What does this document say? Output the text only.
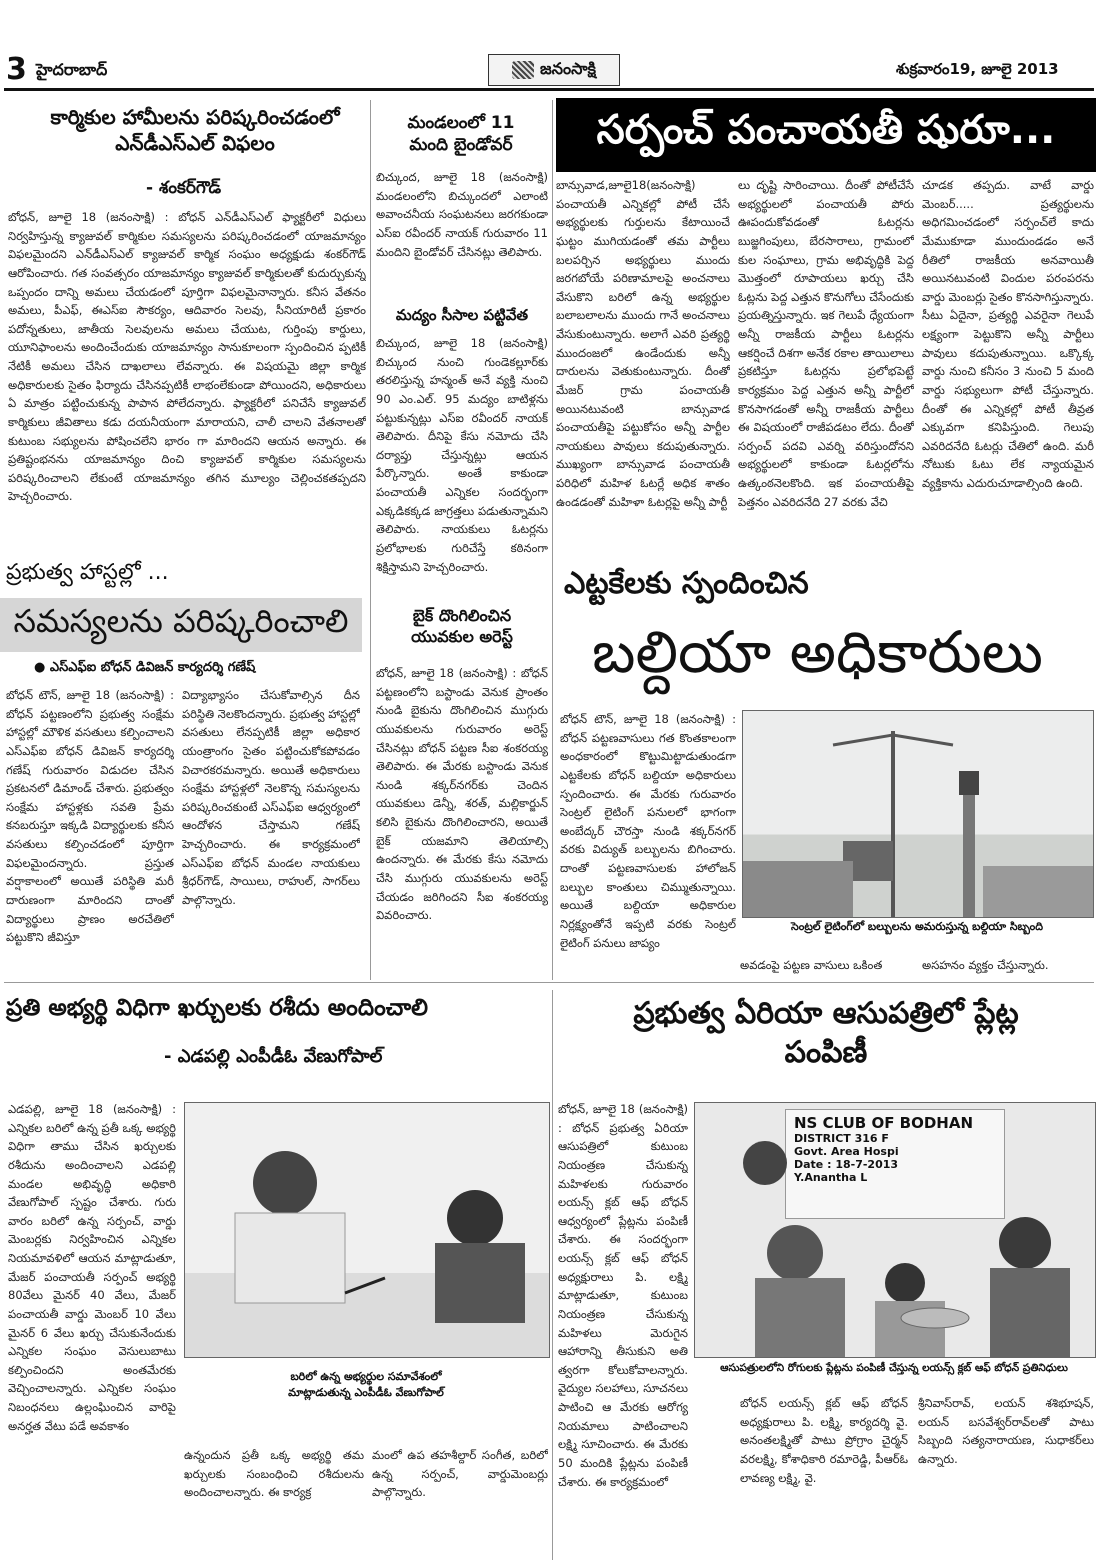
3 హైదరాబాద్	జనంసాక్షి	శుక్రవారం19, జూలై 2013
కార్మికుల హామీలను పరిష్కరించడంలో
ఎన్‌డీఎస్‌ఎల్‌ విఫలం
- శంకర్‌గౌడ్‌
బోధన్‌, జూలై 18 (జనంసాక్షి) : బోధన్‌ ఎన్‌డీఎస్‌ఎల్‌ ఫ్యాక్టరీలో విధులు నిర్వహిస్తున్న క్యాజువల్‌ కార్మికుల సమస్యలను పరిష్కరించడంలో యాజమాన్యం విఫలమైందని ఎన్‌డీఎస్‌ఎల్‌ క్యాజువల్‌ కార్మిక సంఘం అధ్యక్షుడు శంకర్‌గౌడ్‌ ఆరోపించారు. గత సంవత్సరం యాజమాన్యం క్యాజువల్‌ కార్మికులతో కుదుర్చుకున్న ఒప్పందం దాన్ని అమలు చేయడంలో పూర్తిగా విఫలమైనాన్నారు. కనీస వేతనం అమలు, పీఎఫ్‌, ఈఎస్‌ఐ సౌకర్యం, ఆదివారం సెలవు, సీనియారిటీ ప్రకారం పదోన్నతులు, జాతీయ సెలవులను అమలు చేయుట, గుర్తింపు కార్డులు, యూనిఫాంలను అందించేందుకు యాజమాన్యం సానుకూలంగా స్పందించిన ప్పటికీ నేటికీ అమలు చేసిన దాఖలాలు లేవన్నారు. ఈ విషయమై జిల్లా కార్మిక అధికారులకు సైతం ఫిర్యాదు చేసినప్పటికీ లాభంలేకుండా పోయిందని, అధికారులు ఏ మాత్రం పట్టించుకున్న పాపాన పోలేదన్నారు. ఫ్యాక్టరీలో పనిచేసే క్యాజువల్‌ కార్మికులు జీవితాలు కడు దయనీయంగా మారాయని, చాలీ చాలని వేతనాలతో కుటుంబ సభ్యులను పోషించలేని భారం గా మారిందని ఆయన అన్నారు. ఈ ప్రతిష్టంభనను యాజమాన్యం దించి క్యాజువల్‌ కార్మికుల సమస్యలను పరిష్కరించాలని లేకుంటే యాజమాన్యం తగిన మూల్యం చెల్లించకతప్పదని హెచ్చరించారు.
మండలంలో 11
మంది బైండోవర్‌
బిచ్కుంద, జూలై 18 (జనంసాక్షి) మండలంలోని బిచ్కుందలో ఎలాంటి అవాంచనీయ సంఘటనలు జరగకుండా ఎస్‌ఐ రవీందర్‌ నాయక్‌ గురువారం 11 మందిని బైండోవర్‌ చేసినట్లు తెలిపారు.
మద్యం సీసాల పట్టివేత
బిచ్కుంద, జూలై 18 (జనంసాక్షి) బిచ్కుంద నుంచి గుండెకల్లూర్‌కు తరలిస్తున్న హన్మంత్‌ అనే వ్యక్తి నుంచి 90 ఎం.ఎల్‌. 95 మద్యం బాటిళ్లను పట్టుకున్నట్లు ఎస్‌ఐ రవీందర్‌ నాయక్‌ తెలిపారు. దీనిపై కేసు నమోదు చేసి దర్యాప్తు చేస్తున్నట్లు ఆయన పేర్కొన్నారు. అంతే కాకుండా పంచాయతీ ఎన్నికల సందర్భంగా ఎక్కడికక్కడ జాగ్రత్తలు పడుతున్నామని తెలిపారు. నాయకులు ఓటర్లను ప్రలోభాలకు గురిచేస్తే కఠినంగా శిక్షిస్తామని హెచ్చరించారు.
సర్పంచ్‌ పంచాయతీ షురూ...
బాన్సువాడ,జూలై18(జనంసాక్షి) పంచాయతీ ఎన్నికల్లో పోటీ చేసే అభ్యర్థులకు గుర్తులను కేటాయించే ఘట్టం ముగియడంతో తమ పార్టీలు బలపర్చిన అభ్యర్థులు ముందు జరగబోయే పరిణామాలపై అంచనాలు వేసుకొని బరిలో ఉన్న అభ్యర్థుల బలాబలాలను ముందు గానే అంచనాలు వేసుకుంటున్నారు. అలాగే ఎవరి ప్రత్యర్థి ముందంజలో ఉండేందుకు అన్నీ దారులను వెతుకుంటున్నారు. దీంతో మేజర్‌ గ్రామ పంచాయతీ అయినటువంటి బాన్సువాడ పంచాయతీపై పట్టుకోసం అన్నీ పార్టీల నాయకులు పావులు కదుపుతున్నారు. ముఖ్యంగా బాన్సువాడ పంచాయతీ పరిధిలో మహిళ ఓటర్లే అధిక శాతం ఉండడంతో మహిళా ఓటర్లపై అన్నీ పార్టీ
లు దృష్టి సారించాయి. దీంతో పోటీచేసే అభ్యర్థులలో పంచాయతీ పోరు ఊపందుకోవడంతో ఓటర్లను బుజ్జగింపులు, బేరసారాలు, గ్రామంలో కుల సంఘాలు, గ్రామ అభివృద్ధికి పెద్ద మొత్తంలో రూపాయలు ఖర్చు చేసి ఓట్లను పెద్ద ఎత్తున కొనుగోలు చేసేందుకు ప్రయత్నిస్తున్నారు. ఇక గెలుపే ధ్యేయంగా అన్నీ రాజకీయ పార్టీలు ఓటర్లను ఆకర్షించే దిశగా అనేక రకాల తాయిలాలు ప్రకటిస్తూ ఓటర్లను ప్రలోభపెట్టే కార్యక్రమం పెద్ద ఎత్తున అన్నీ పార్టీలో కొనసాగడంతో అన్నీ రాజకీయ పార్టీలు ఈ విషయంలో రాజీపడటం లేదు. దీంతో సర్పంచ్‌ పదవి ఎవర్ని వరిస్తుందోనని అభ్యర్థులలో కాకుండా ఓటర్లలోను ఉత్కంఠనెలకొంది. ఇక పంచాయతీపై పెత్తనం ఎవరిదనేది 27 వరకు వేచి
చూడక తప్పదు. వాటే వార్డు మెంబర్‌..... ప్రత్యర్థులను అధిగమించడంలో సర్పంచ్‌లే కాదు మేముకూడా ముందుండడం అనే రీతిలో రాజకీయ అనవాయితీ అయినటువంటి విందుల పరంపరను వార్డు మెంబర్లు సైతం కొనసాగిస్తున్నారు. సీటు ఏదైనా, ప్రత్యర్థి ఎవరైనా గెలుపే లక్ష్యంగా పెట్టుకొని అన్నీ పార్టీలు పావులు కదుపుతున్నాయి. ఒక్కొక్క వార్డు నుంచి కనీసం 3 నుంచి 5 మంది వార్డు సభ్యులుగా పోటీ చేస్తున్నారు. దీంతో ఈ ఎన్నికల్లో పోటీ తీవ్రత ఎక్కువగా కనిపిస్తుంది. గెలుపు ఎవరిదనేది ఓటర్లు చేతిలో ఉంది. మరీ నోటుకు ఓటు లేక న్యాయమైన వ్యక్తికాను ఎదురుచూడాల్సింది ఉంది.
ప్రభుత్వ హాస్టల్లో ...
సమస్యలను పరిష్కరించాలి
● ఎస్‌ఎఫ్‌ఐ బోధన్‌ డివిజన్‌ కార్యదర్శి గణేష్‌
బోధన్‌ టౌన్‌, జూలై 18 (జనంసాక్షి) : బోధన్‌ పట్టణంలోని ప్రభుత్వ సంక్షేమ హాస్టల్లో మౌళిక వసతులు కల్పించాలని ఎస్‌ఎఫ్‌ఐ బోధన్‌ డివిజన్‌ కార్యదర్శి గణేష్‌ గురువారం విడుదల చేసిన ప్రకటనలో డిమాండ్‌ చేశారు. ప్రభుత్వం సంక్షేమ హాస్టళ్లకు సవతి ప్రేమ కనబరుస్తూ ఇక్కడి విద్యార్థులకు కనీస వసతులు కల్పించడంలో పూర్తిగా విఫలమైందన్నారు. ప్రస్తుత వర్షాకాలంలో అయితే పరిస్థితి మరీ దారుణంగా మారిందని దాంతో విద్యార్థులు ప్రాణం అరచేతిలో పట్టుకొని జీవిస్తూ
విద్యాభ్యాసం చేసుకోవాల్సిన దీన పరిస్థితి నెలకొందన్నారు. ప్రభుత్వ హాస్టల్లో వసతులు లేనప్పటికీ జిల్లా అధికార యంత్రాంగం సైతం పట్టించుకోకపోవడం విచారకరమన్నారు. అయితే అధికారులు సంక్షేమ హాస్టళ్లలో నెలకొన్న సమస్యలను పరిష్కరించకుంటే ఎస్‌ఎఫ్‌ఐ ఆధ్వర్యంలో ఆందోళన చేస్తామని గణేష్‌ హెచ్చరించారు. ఈ కార్యక్రమంలో ఎస్‌ఎఫ్‌ఐ బోధన్‌ మండల నాయకులు శ్రీధర్‌గౌడ్‌, సాయిలు, రాహుల్‌, సాగర్‌లు పాల్గొన్నారు.
బైక్‌ దొంగిలించిన
యువకుల అరెస్ట్‌
బోధన్‌, జూలై 18 (జనంసాక్షి) : బోధన్‌ పట్టణంలోని బస్టాండు వెనుక ప్రాంతం నుండి బైకును దొంగిలించిన ముగ్గురు యువకులను గురువారం అరెస్ట్‌ చేసినట్లు బోధన్‌ పట్టణ సీఐ శంకరయ్య తెలిపారు. ఈ మేరకు బస్టాండు వెనుక నుండి శక్కర్‌నగర్‌కు చెందిన యువకులు డెన్నీ, శరత్‌, మల్లికార్జున్‌ కలిసి బైకును దొంగిలించారని, అయితే బైక్‌ యజమాని తెలియాల్సి ఉందన్నారు. ఈ మేరకు కేసు నమోదు చేసి ముగ్గురు యువకులను అరెస్ట్‌ చేయడం జరిగిందని సీఐ శంకరయ్య వివరించారు.
ఎట్టకేలకు స్పందించిన
బల్దియా అధికారులు
బోధన్‌ టౌన్‌, జూలై 18 (జనంసాక్షి) : బోధన్‌ పట్టణవాసులు గత కొంతకాలంగా అంధకారంలో కొట్టుమిట్టాడుతుండగా ఎట్టకేలకు బోధన్‌ బల్దియా అధికారులు స్పందించారు. ఈ మేరకు గురువారం సెంట్రల్‌ లైటింగ్‌ పనులలో భాగంగా అంబేద్కర్‌ చౌరస్తా నుండి శక్కర్‌నగర్‌ వరకు విద్యుత్‌ బల్బులను బిగించారు. దాంతో పట్టణవాసులకు హాలోజన్‌ బల్బుల కాంతులు చిమ్ముతున్నాయి. అయితే బల్దియా అధికారుల నిర్లక్ష్యంతోనే ఇప్పటి వరకు సెంట్రల్‌ లైటింగ్‌ పనులు జాప్యం
సెంట్రల్‌ లైటింగ్‌లో బల్బులను అమరుస్తున్న బల్దియా సిబ్బంది
అవడంపై పట్టణ వాసులు ఒకింత	అసహనం వ్యక్తం చేస్తున్నారు.
ప్రతి అభ్యర్థి విధిగా ఖర్చులకు రశీదు అందించాలి
- ఎడపల్లి ఎంపీడీఓ వేణుగోపాల్‌
ఎడపల్లి, జూలై 18 (జనంసాక్షి) : ఎన్నికల బరిలో ఉన్న ప్రతీ ఒక్క అభ్యర్థి విధిగా తాము చేసిన ఖర్చులకు రశీదును అందించాలని ఎడపల్లి మండల అభివృద్ధి అధికారి వేణుగోపాల్‌ స్పష్టం చేశారు. గురు వారం బరిలో ఉన్న సర్పంచ్‌, వార్డు మెంబర్లకు నిర్వహించిన ఎన్నికల నియమావళిలో ఆయన మాట్లాడుతూ, మేజర్‌ పంచాయతీ సర్పంచ్‌ అభ్యర్థి 80వేలు మైనర్‌ 40 వేలు, మేజర్‌ పంచాయతీ వార్డు మెంబర్‌ 10 వేలు మైనర్‌ 6 వేలు ఖర్చు చేసుకునేందుకు ఎన్నికల సంఘం వెసులుబాటు కల్పించిందని అంతమేరకు వెచ్చించాలన్నారు. ఎన్నికల సంఘం నిబంధనలు ఉల్లంఘించిన వారిపై అనర్హత వేటు పడే అవకాశం
బరిలో ఉన్న అభ్యర్థుల సమావేశంలో
మాట్లాడుతున్న ఎంపీడీఓ వేణుగోపాల్‌
ఉన్నందున ప్రతీ ఒక్క అభ్యర్థి తమ ఖర్చులకు సంబంధించి రశీదులను అందించాలన్నారు. ఈ కార్యక్ర
మంలో ఉప తహశీల్దార్‌ సంగీత, బరిలో ఉన్న సర్పంచ్‌, వార్డుమెంబర్లు పాల్గొన్నారు.
ప్రభుత్వ ఏరియా ఆసుపత్రిలో ప్లేట్ల
పంపిణీ
బోధన్‌, జూలై 18 (జనంసాక్షి) : బోధన్‌ ప్రభుత్వ ఏరియా ఆసుపత్రిలో కుటుంబ నియంత్రణ చేసుకున్న మహిళలకు గురువారం లయన్స్‌ క్లబ్‌ ఆఫ్‌ బోధన్‌ ఆధ్వర్యంలో ప్లేట్లను పంపిణీ చేశారు. ఈ సందర్భంగా లయన్స్‌ క్లబ్‌ ఆఫ్‌ బోధన్‌ అధ్యక్షురాలు పి. లక్ష్మి మాట్లాడుతూ, కుటుంబ నియంత్రణ చేసుకున్న మహిళలు మెరుగైన ఆహారాన్ని తీసుకుని అతి త్వరగా కోలుకోవాలన్నారు. వైద్యుల సలహాలు, సూచనలు పాటించి ఆ మేరకు ఆరోగ్య నియమాలు పాటించాలని లక్ష్మి సూచించారు. ఈ మేరకు 50 మందికి ప్లేట్లను పంపిణీ చేశారు. ఈ కార్యక్రమంలో
NS CLUB OF BODHAN
DISTRICT 316 F
Govt. Area Hospi
Date : 18-7-2013
Y.Anantha L
ఆసుపత్రులలోని రోగులకు ప్లేట్లను పంపిణీ చేస్తున్న లయన్స్‌ క్లబ్‌ ఆఫ్‌ బోధన్‌ ప్రతినిధులు
బోధన్‌ లయన్స్‌ క్లబ్‌ ఆఫ్‌ బోధన్‌ అధ్యక్షురాలు పి. లక్ష్మి, కార్యదర్శి వై. అనంతలక్ష్మితో పాటు ప్రోగ్రాం చైర్మన్‌ వరలక్ష్మి, కోశాధికారి రమారెడ్డి, పీఆర్‌ఓ లావణ్య లక్ష్మి, వై.
శ్రీనివాస్‌రావ్‌, లయన్‌ శశిభూషన్‌, లయన్‌ బసవేశ్వర్‌రావ్‌లతో పాటు సిబ్బంది సత్యనారాయణ, సుధాకర్‌లు ఉన్నారు.
